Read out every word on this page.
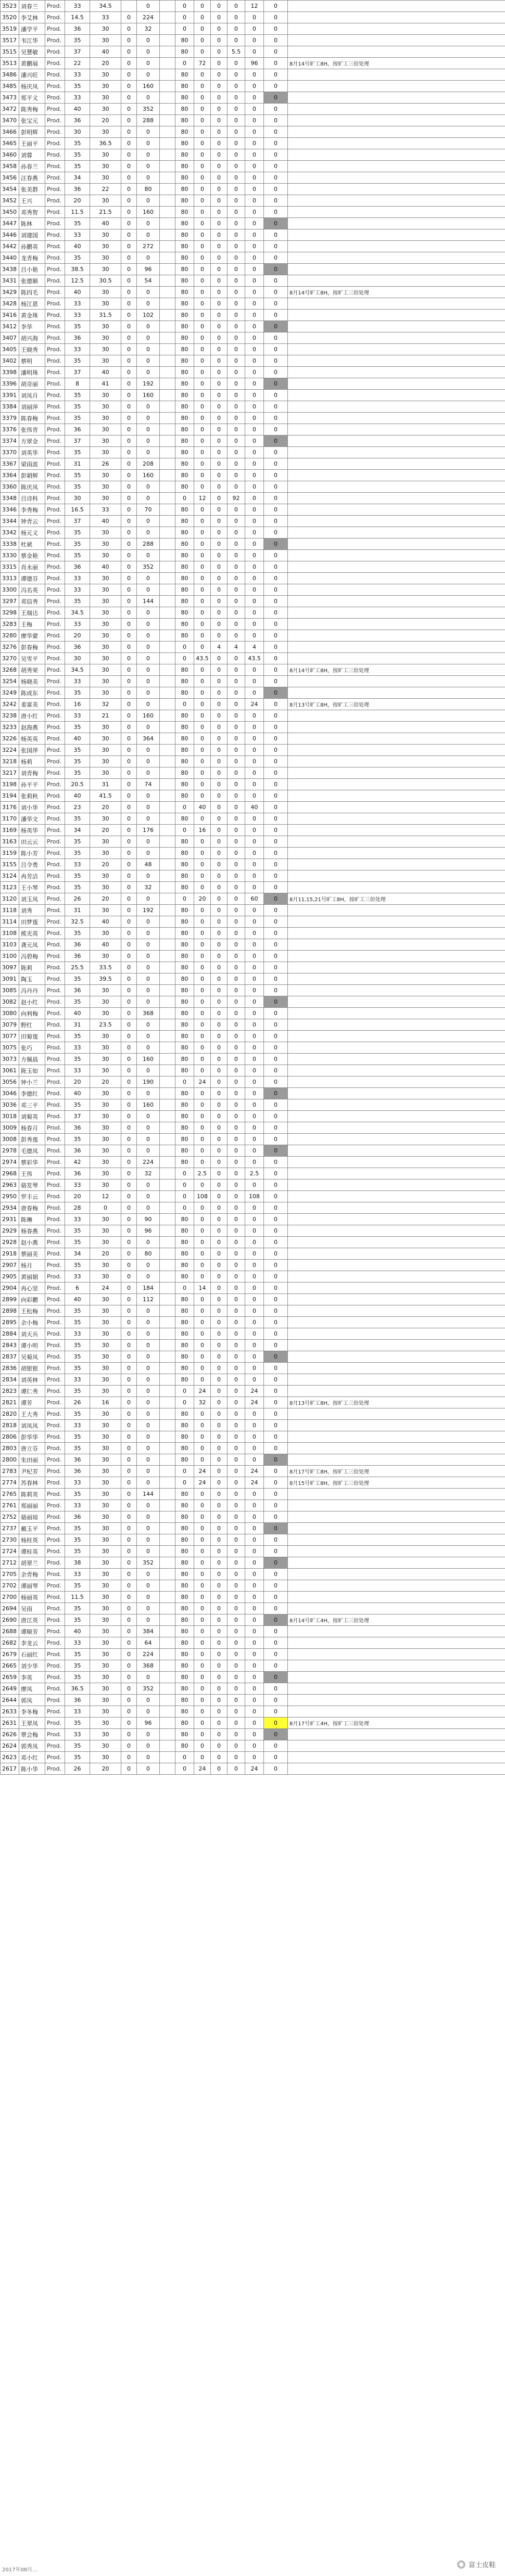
3523	刘春兰	Prod.	33	34.5		0		0	0	0	0	12	0	
3520	李艾林	Prod.	14.5	33	0	224		0	0	0	0	0	0	
3519	潘学平	Prod.	36	30	0	32		0	0	0	0	0	0	
3517	韦江华	Prod.	35	30	0	0		80	0	0	0	0	0	
3515	吴慧敏	Prod.	37	40	0	0		80	0	0	5.5	0	0	
3513	黄鹏展	Prod.	22	20	0	0		0	72	0	0	96	0	8月14号旷工8H，按旷工三倍处理
3486	潘兴旺	Prod.	33	30	0	0		80	0	0	0	0	0	
3485	杨庆凤	Prod.	35	30	0	160		80	0	0	0	0	0	
3473	郑平义	Prod.	33	30	0	0		80	0	0	0	0	0	
3472	陈秀梅	Prod.	40	30	0	352		80	0	0	0	0	0	
3470	张宝元	Prod.	36	20	0	288		80	0	0	0	0	0	
3466	彭明辉	Prod.	30	30	0	0		80	0	0	0	0	0	
3465	王丽平	Prod.	35	36.5	0	0		80	0	0	0	0	0	
3460	刘蓉	Prod.	35	30	0	0		80	0	0	0	0	0	
3458	孙春兰	Prod.	35	30	0	0		80	0	0	0	0	0	
3456	汪春燕	Prod.	34	30	0	0		80	0	0	0	0	0	
3454	张美群	Prod.	36	22	0	80		80	0	0	0	0	0	
3452	王兴	Prod.	20	30	0	0		80	0	0	0	0	0	
3450	邓秀智	Prod.	11.5	21.5	0	160		80	0	0	0	0	0	
3447	陈林	Prod.	35	40	0	0		80	0	0	0	0	0	
3446	刘建国	Prod.	33	30	0	0		80	0	0	0	0	0	
3442	孙鹏英	Prod.	40	30	0	272		80	0	0	0	0	0	
3440	龙青梅	Prod.	35	30	0	0		80	0	0	0	0	0	
3438	吕小艳	Prod.	38.5	30	0	96		80	0	0	0	0	0	
3431	张德顺	Prod.	12.5	30.5	0	54		80	0	0	0	0	0	
3429	陈四毛	Prod.	40	30	0	0		80	0	0	0	0	0	8月14号旷工8H，按旷工三倍处理
3428	杨江恩	Prod.	33	30	0	0		80	0	0	0	0	0	
3416	黄金珠	Prod.	33	31.5	0	102		80	0	0	0	0	0	
3412	李华	Prod.	35	30	0	0		80	0	0	0	0	0	
3407	胡兴海	Prod.	36	30	0	0		80	0	0	0	0	0	
3405	王晓秀	Prod.	33	30	0	0		80	0	0	0	0	0	
3402	蔡明	Prod.	35	30	0	0		80	0	0	0	0	0	
3398	潘明珠	Prod.	37	40	0	0		80	0	0	0	0	0	
3396	胡奇丽	Prod.	8	41	0	192		80	0	0	0	0	0	
3391	刘凤月	Prod.	35	30	0	160		80	0	0	0	0	0	
3384	刘丽萍	Prod.	35	30	0	0		80	0	0	0	0	0	
3379	陈春梅	Prod.	35	30	0	0		80	0	0	0	0	0	
3376	张伟青	Prod.	36	30	0	0		80	0	0	0	0	0	
3374	方翠金	Prod.	37	30	0	0		80	0	0	0	0	0	
3370	刘英华	Prod.	35	30	0	0		80	0	0	0	0	0	
3367	梁雨波	Prod.	31	26	0	208		80	0	0	0	0	0	
3364	彭朝辉	Prod.	35	30	0	160		80	0	0	0	0	0	
3360	陈庆凤	Prod.	35	30	0	0		80	0	0	0	0	0	
3348	吕诗科	Prod.	30	30	0	0		0	12	0	92	0	0	
3346	李秀梅	Prod.	16.5	33	0	70		80	0	0	0	0	0	
3344	钟青云	Prod.	37	40	0	0		80	0	0	0	0	0	
3342	杨元义	Prod.	35	30	0	0		80	0	0	0	0	0	
3338	杜斌	Prod.	35	30	0	288		80	0	0	0	0	0	
3330	蔡金艳	Prod.	35	30	0	0		80	0	0	0	0	0	
3315	肖永丽	Prod.	36	40	0	352		80	0	0	0	0	0	
3313	谭德芬	Prod.	33	30	0	0		80	0	0	0	0	0	
3300	冯名英	Prod.	33	30	0	0		80	0	0	0	0	0	
3297	邓信秀	Prod.	35	30	0	144		80	0	0	0	0	0	
3298	王瑞达	Prod.	34.5	30	0	0		80	0	0	0	0	0	
3283	王梅	Prod.	33	30	0	0		80	0	0	0	0	0	
3280	廖华蒙	Prod.	20	30	0	0		80	0	0	0	0	0	
3276	彭春梅	Prod.	36	30	0	0		0	0	4	4	4	0	
3270	吴雪平	Prod.	30	30	0	0		0	43.5	0	0	43.5	0	
3268	胡秀荣	Prod.	34.5	30	0	0		80	0	0	0	0	0	8月14号旷工8H，按旷工三倍处理
3254	杨晓美	Prod.	33	30	0	0		80	0	0	0	0	0	
3249	陈成东	Prod.	35	30	0	0		80	0	0	0	0	0	
3242	姜富美	Prod.	16	32	0	0		0	0	0	0	24	0	8月13号旷工8H，按旷工三倍处理
3238	唐小红	Prod.	33	21	0	160		80	0	0	0	0	0	
3233	赵海燕	Prod.	35	30	0	0		80	0	0	0	0	0	
3226	杨英英	Prod.	40	30	0	364		80	0	0	0	0	0	
3224	张国萍	Prod.	35	30	0	0		80	0	0	0	0	0	
3218	杨莉	Prod.	35	30	0	0		80	0	0	0	0	0	
3217	刘青梅	Prod.	35	30	0	0		80	0	0	0	0	0	
3198	孙平平	Prod.	20.5	31	0	74		80	0	0	0	0	0	
3194	张莉秋	Prod.	40	41.5	0	0		80	0	0	0	0	0	
3176	刘小华	Prod.	23	20	0	0		0	40	0	0	40	0	
3170	潘华文	Prod.	35	30	0	0		80	0	0	0	0	0	
3169	杨英华	Prod.	34	20	0	176		0	16	0	0	0	0	
3163	田云云	Prod.	35	30	0	0		80	0	0	0	0	0	
3159	陈小芳	Prod.	35	30	0	0		80	0	0	0	0	0	
3155	吕令勇	Prod.	33	20	0	48		80	0	0	0	0	0	
3124	冉芳洁	Prod.	35	30	0	0		80	0	0	0	0	0	
3123	王小琴	Prod.	35	30	0	32		80	0	0	0	0	0	
3120	刘玉凤	Prod.	26	20	0	0		0	20	0	0	60	0	8月11,15,21号旷工8H，按旷工三倍处理
3118	刘秀	Prod.	31	30	0	192		80	0	0	0	0	0	
3114	田梦莲	Prod.	32.5	40	0	0		80	0	0	0	0	0	
3108	熊光英	Prod.	35	30	0	0		80	0	0	0	0	0	
3103	龚元凤	Prod.	36	40	0	0		80	0	0	0	0	0	
3100	冯碧梅	Prod.	36	30	0	0		80	0	0	0	0	0	
3097	陈莉	Prod.	25.5	33.5	0	0		80	0	0	0	0	0	
3091	陶玉	Prod.	35	39.5	0	0		80	0	0	0	0	0	
3085	冯丹丹	Prod.	36	30	0	0		80	0	0	0	0	0	
3082	赵小红	Prod.	35	30	0	0		80	0	0	0	0	0	
3080	向利梅	Prod.	40	30	0	368		80	0	0	0	0	0	
3079	野红	Prod.	31	23.5	0	0		80	0	0	0	0	0	
3077	田菊莲	Prod.	35	30	0	0		80	0	0	0	0	0	
3075	张巧	Prod.	33	30	0	0		80	0	0	0	0	0	
3073	方佩晨	Prod.	35	30	0	160		80	0	0	0	0	0	
3061	陈玉如	Prod.	33	30	0	0		80	0	0	0	0	0	
3056	钟小兰	Prod.	20	20	0	190		0	24	0	0	0	0	
3046	李德红	Prod.	40	30	0	0		80	0	0	0	0	0	
3036	邓三平	Prod.	35	30	0	160		80	0	0	0	0	0	
3018	刘菊英	Prod.	37	30	0	0		80	0	0	0	0	0	
3009	杨春月	Prod.	36	30	0	0		80	0	0	0	0	0	
3008	彭秀莲	Prod.	35	30	0	0		80	0	0	0	0	0	
2978	毛德凤	Prod.	36	30	0	0		80	0	0	0	0	0	
2974	蔡彩华	Prod.	42	30	0	224		80	0	0	0	0	0	
2968	王伟	Prod.	36	30	0	32		0	2.5	0	0	2.5	0	
2963	骆发琴	Prod.	33	30	0	0		0	0	0	0	0	0	
2950	罗丰云	Prod.	20	12	0	0		0	108	0	0	108	0	
2934	唐春梅	Prod.	28	0	0	0		0	0	0	0	0	0	
2931	陈琳	Prod.	33	30	0	90		80	0	0	0	0	0	
2929	杨春燕	Prod.	35	30	0	96		80	0	0	0	0	0	
2928	赵小燕	Prod.	35	30	0	0		80	0	0	0	0	0	
2918	蔡丽美	Prod.	34	20	0	80		80	0	0	0	0	0	
2907	杨月	Prod.	35	30	0	0		80	0	0	0	0	0	
2905	黄丽娟	Prod.	33	30	0	0		80	0	0	0	0	0	
2904	冉心坚	Prod.	6	24	0	184		0	14	0	0	0	0	
2899	向彩鹏	Prod.	40	30	0	112		80	0	0	0	0	0	
2898	王松梅	Prod.	35	30	0	0		80	0	0	0	0	0	
2895	余小梅	Prod.	35	30	0	0		80	0	0	0	0	0	
2884	刘天兵	Prod.	33	30	0	0		80	0	0	0	0	0	
2843	谭小明	Prod.	35	30	0	0		80	0	0	0	0	0	
2837	吴菊凤	Prod.	35	30	0	0		80	0	0	0	0	0	
2836	胡银银	Prod.	35	30	0	0		80	0	0	0	0	0	
2834	刘英林	Prod.	33	30	0	0		80	0	0	0	0	0	
2823	谭仁秀	Prod.	35	30	0	0		0	24	0	0	24	0	
2821	谭芳	Prod.	26	16	0	0		0	32	0	0	24	0	8月13号旷工8H，按旷工三倍处理
2820	王大秀	Prod.	35	30	0	0		80	0	0	0	0	0	
2818	刘凤凤	Prod.	33	30	0	0		80	0	0	0	0	0	
2806	彭华华	Prod.	35	30	0	0		80	0	0	0	0	0	
2803	唐立芬	Prod.	35	30	0	0		80	0	0	0	0	0	
2800	朱田丽	Prod.	36	30	0	0		80	0	0	0	0	0	
2783	尹杞芳	Prod.	36	30	0	0		0	24	0	0	24	0	8月17号旷工8H，按旷工三倍处理
2774	苏春林	Prod.	33	30	0	0		0	24	0	0	24	0	8月15号旷工8H，按旷工三倍处理
2765	陈莉英	Prod.	35	30	0	144		80	0	0	0	0	0	
2761	郑丽丽	Prod.	33	30	0	0		80	0	0	0	0	0	
2752	骆丽琼	Prod.	36	30	0	0		80	0	0	0	0	0	
2737	戴玉平	Prod.	35	30	0	0		80	0	0	0	0	0	
2730	杨桂英	Prod.	35	30	0	0		80	0	0	0	0	0	
2724	谭桂英	Prod.	35	30	0	0		80	0	0	0	0	0	
2712	胡翠兰	Prod.	38	30	0	352		80	0	0	0	0	0	
2705	余青梅	Prod.	33	30	0	0		80	0	0	0	0	0	
2702	谭丽琴	Prod.	35	30	0	0		80	0	0	0	0	0	
2700	杨丽英	Prod.	11.5	30	0	0		80	0	0	0	0	0	
2694	吴雨	Prod.	35	30	0	0		80	0	0	0	0	0	
2690	唐江英	Prod.	35	30	0	0		80	0	0	0	0	0	8月14号旷工4H，按旷工三倍处理
2688	谭顺芳	Prod.	40	30	0	384		80	0	0	0	0	0	
2682	李龙云	Prod.	33	30	0	64		80	0	0	0	0	0	
2679	石丽红	Prod.	35	30	0	224		80	0	0	0	0	0	
2665	刘少华	Prod.	35	30	0	368		80	0	0	0	0	0	
2659	李英	Prod.	35	30	0	0		80	0	0	0	0	0	
2649	廖凤	Prod.	36.5	30	0	352		80	0	0	0	0	0	
2644	郭凤	Prod.	36	30	0	0		80	0	0	0	0	0	
2633	李冬梅	Prod.	33	30	0	0		80	0	0	0	0	0	
2631	王翠凤	Prod.	35	30	0	96		80	0	0	0	0	0	8月17号旷工4H，按旷工三倍处理
2626	覃会梅	Prod.	33	30	0	0		80	0	0	0	0	0	
2624	郭秀凤	Prod.	35	30	0	0		80	0	0	0	0	0	
2623	邓小红	Prod.	35	30	0	0		0	0	0	0	0	0	
2617	陈小华	Prod.	26	20	0	0		0	24	0	0	24	0	
2017年08月...
富士皮鞋
